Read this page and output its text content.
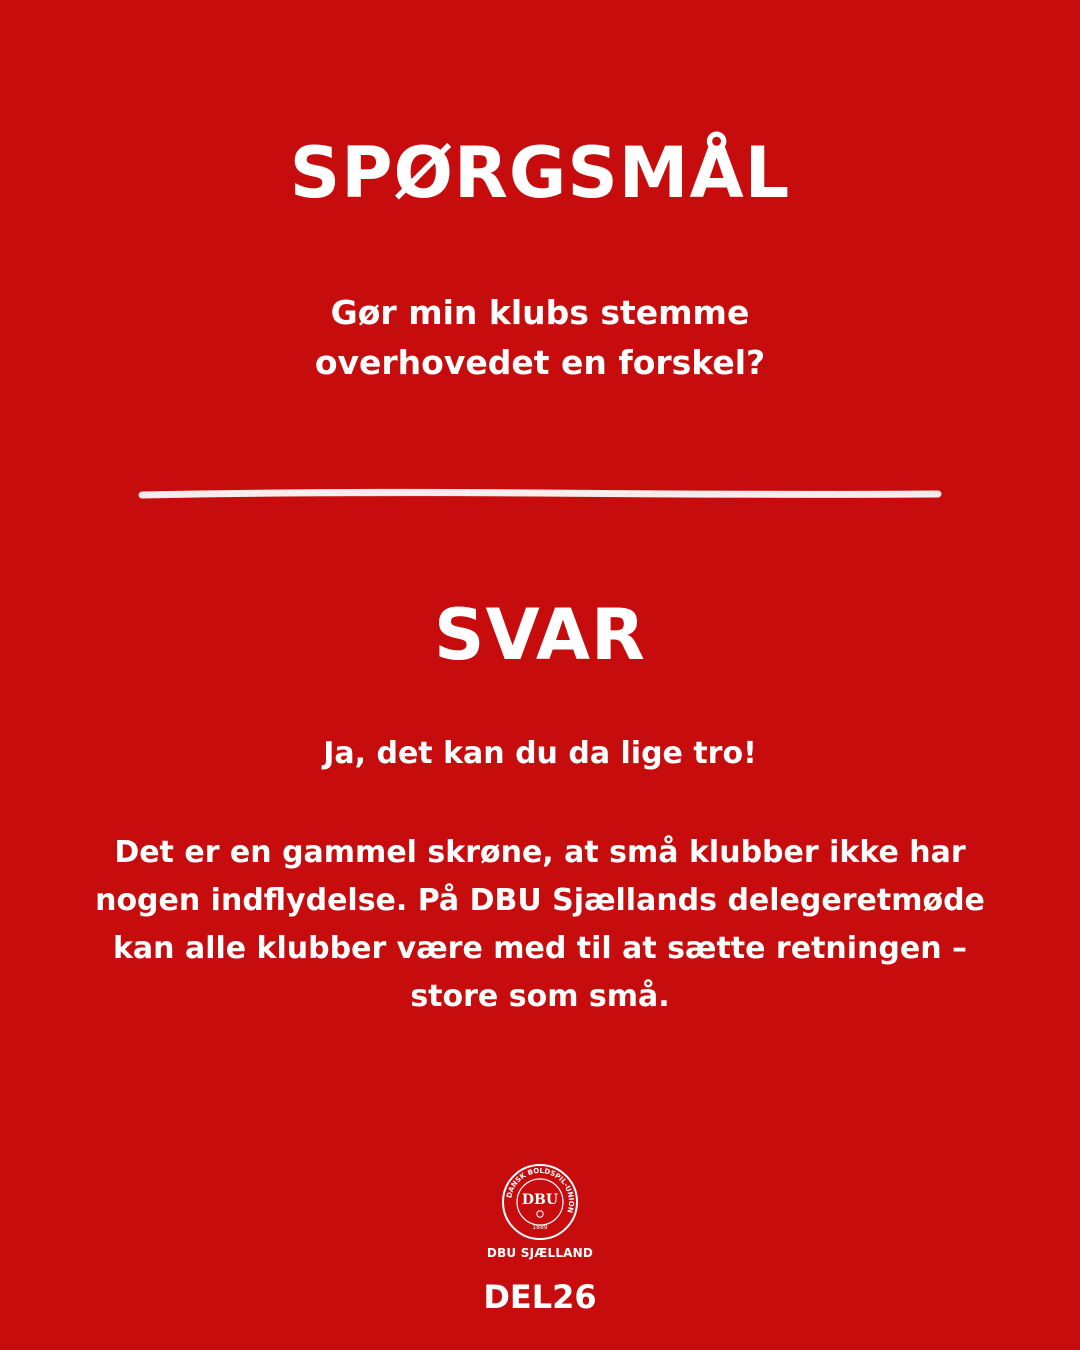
SPØRGSMÅL
Gør min klubs stemme
overhovedet en forskel?
SVAR
Ja, det kan du da lige tro!
Det er en gammel skrøne, at små klubber ikke har
nogen indflydelse. På DBU Sjællands delegeretmøde
kan alle klubber være med til at sætte retningen –
store som små.
DANSK BOLDSPIL-UNION
DBU
1889
DBU SJÆLLAND
DEL26
